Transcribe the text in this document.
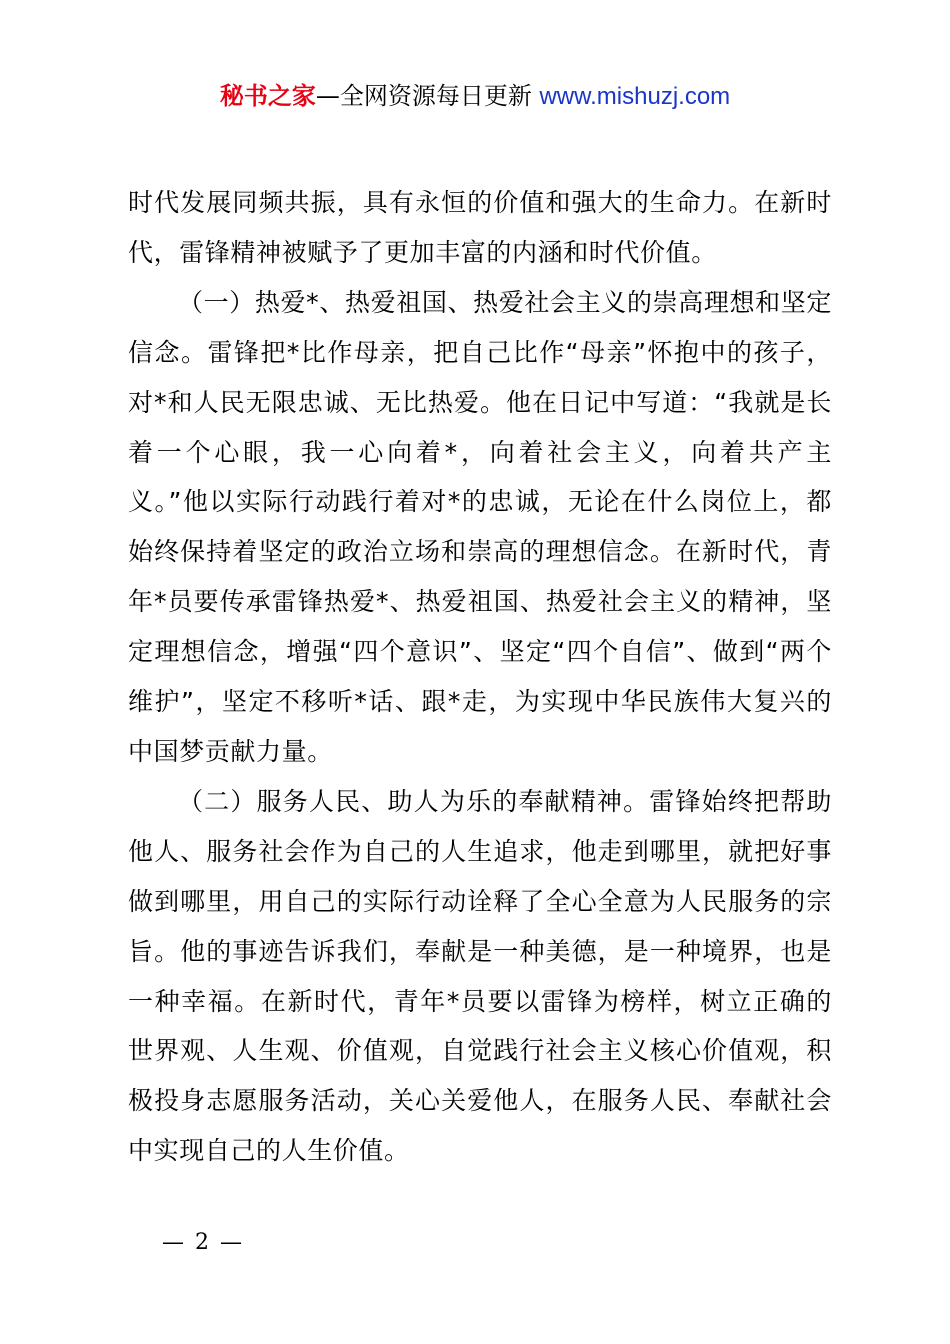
秘书之家—全网资源每日更新 www.mishuzj.com

时代发展同频共振，具有永恒的价值和强大的生命力。在新时代，雷锋精神被赋予了更加丰富的内涵和时代价值。

（一）热爱*、热爱祖国、热爱社会主义的崇高理想和坚定信念。雷锋把*比作母亲，把自己比作“母亲”怀抱中的孩子，对*和人民无限忠诚、无比热爱。他在日记中写道：“我就是长着一个心眼，我一心向着*，向着社会主义，向着共产主义。”他以实际行动践行着对*的忠诚，无论在什么岗位上，都始终保持着坚定的政治立场和崇高的理想信念。在新时代，青年*员要传承雷锋热爱*、热爱祖国、热爱社会主义的精神，坚定理想信念，增强“四个意识”、坚定“四个自信”、做到“两个维护”，坚定不移听*话、跟*走，为实现中华民族伟大复兴的中国梦贡献力量。

（二）服务人民、助人为乐的奉献精神。雷锋始终把帮助他人、服务社会作为自己的人生追求，他走到哪里，就把好事做到哪里，用自己的实际行动诠释了全心全意为人民服务的宗旨。他的事迹告诉我们，奉献是一种美德，是一种境界，也是一种幸福。在新时代，青年*员要以雷锋为榜样，树立正确的世界观、人生观、价值观，自觉践行社会主义核心价值观，积极投身志愿服务活动，关心关爱他人，在服务人民、奉献社会中实现自己的人生价值。

— 2 —
